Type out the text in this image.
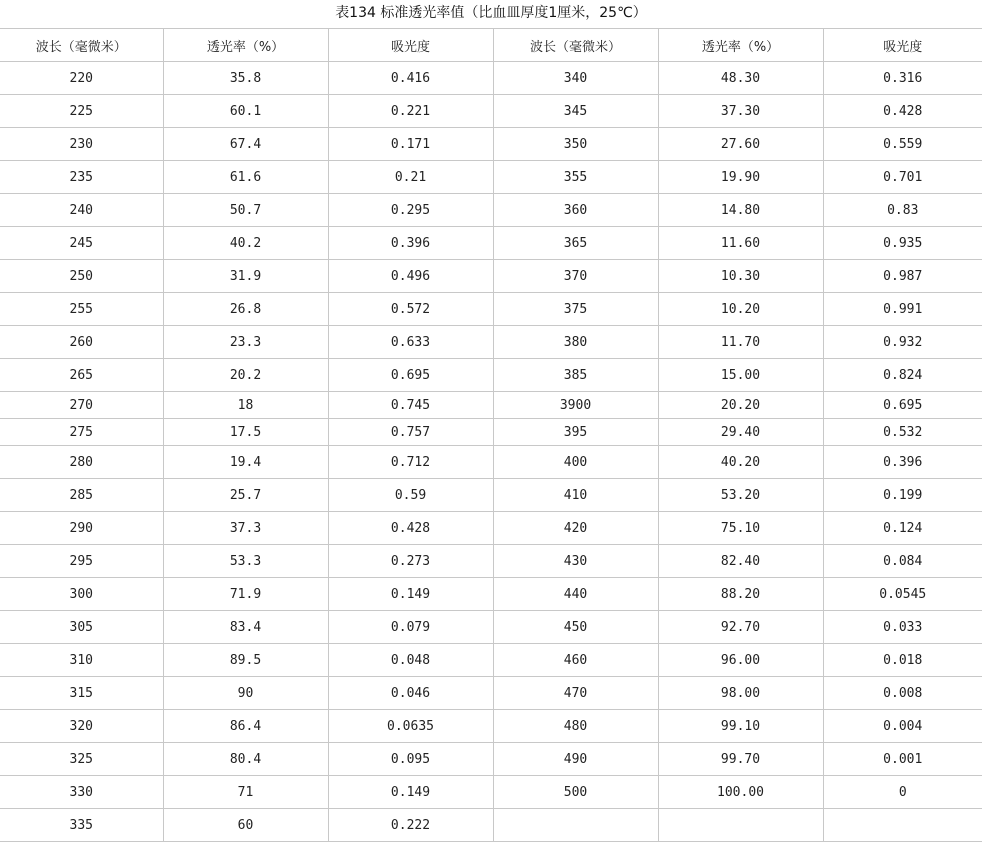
表134 标准透光率值（比血皿厚度1厘米，25℃）
波长（毫微米）	透光率（%）	吸光度	波长（毫微米）	透光率（%）	吸光度
220	35.8	0.416	340	48.30	0.316
225	60.1	0.221	345	37.30	0.428
230	67.4	0.171	350	27.60	0.559
235	61.6	0.21	355	19.90	0.701
240	50.7	0.295	360	14.80	0.83
245	40.2	0.396	365	11.60	0.935
250	31.9	0.496	370	10.30	0.987
255	26.8	0.572	375	10.20	0.991
260	23.3	0.633	380	11.70	0.932
265	20.2	0.695	385	15.00	0.824
270	18	0.745	3900	20.20	0.695
275	17.5	0.757	395	29.40	0.532
280	19.4	0.712	400	40.20	0.396
285	25.7	0.59	410	53.20	0.199
290	37.3	0.428	420	75.10	0.124
295	53.3	0.273	430	82.40	0.084
300	71.9	0.149	440	88.20	0.0545
305	83.4	0.079	450	92.70	0.033
310	89.5	0.048	460	96.00	0.018
315	90	0.046	470	98.00	0.008
320	86.4	0.0635	480	99.10	0.004
325	80.4	0.095	490	99.70	0.001
330	71	0.149	500	100.00	0
335	60	0.222			
